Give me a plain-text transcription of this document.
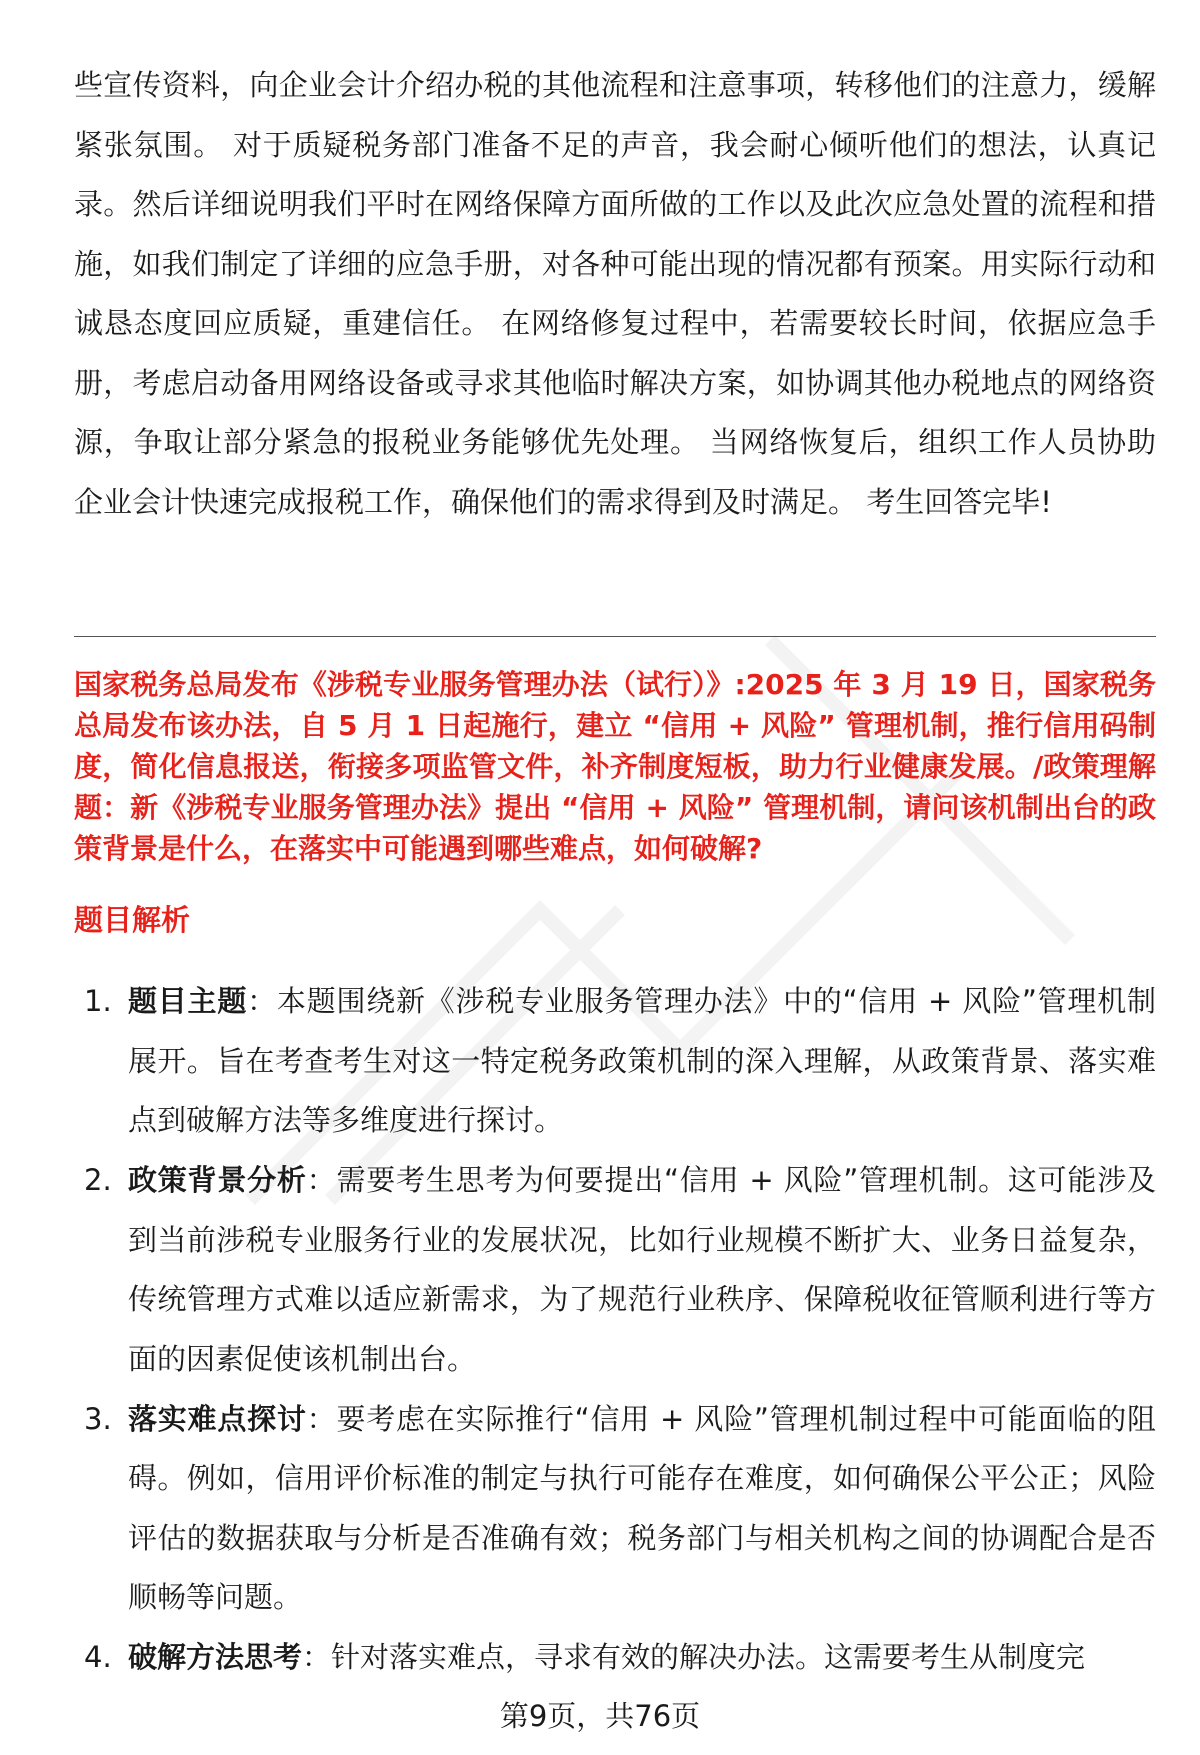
些宣传资料，向企业会计介绍办税的其他流程和注意事项，转移他们的注意力，缓解紧张氛围。 对于质疑税务部门准备不足的声音，我会耐心倾听他们的想法，认真记录。然后详细说明我们平时在网络保障方面所做的工作以及此次应急处置的流程和措施，如我们制定了详细的应急手册，对各种可能出现的情况都有预案。用实际行动和诚恳态度回应质疑，重建信任。 在网络修复过程中，若需要较长时间，依据应急手册，考虑启动备用网络设备或寻求其他临时解决方案，如协调其他办税地点的网络资源，争取让部分紧急的报税业务能够优先处理。 当网络恢复后，组织工作人员协助企业会计快速完成报税工作，确保他们的需求得到及时满足。 考生回答完毕!

国家税务总局发布《涉税专业服务管理办法（试行）》:2025 年 3 月 19 日，国家税务总局发布该办法，自 5 月 1 日起施行，建立 “信用 + 风险” 管理机制，推行信用码制度，简化信息报送，衔接多项监管文件，补齐制度短板，助力行业健康发展。/政策理解题：新《涉税专业服务管理办法》提出 “信用 + 风险” 管理机制，请问该机制出台的政策背景是什么，在落实中可能遇到哪些难点，如何破解?

题目解析

1. 题目主题：本题围绕新《涉税专业服务管理办法》中的“信用 + 风险”管理机制展开。旨在考查考生对这一特定税务政策机制的深入理解，从政策背景、落实难点到破解方法等多维度进行探讨。
2. 政策背景分析：需要考生思考为何要提出“信用 + 风险”管理机制。这可能涉及到当前涉税专业服务行业的发展状况，比如行业规模不断扩大、业务日益复杂，传统管理方式难以适应新需求，为了规范行业秩序、保障税收征管顺利进行等方面的因素促使该机制出台。
3. 落实难点探讨：要考虑在实际推行“信用 + 风险”管理机制过程中可能面临的阻碍。例如，信用评价标准的制定与执行可能存在难度，如何确保公平公正；风险评估的数据获取与分析是否准确有效；税务部门与相关机构之间的协调配合是否顺畅等问题。
4. 破解方法思考：针对落实难点，寻求有效的解决办法。这需要考生从制度完
第9页，共76页
